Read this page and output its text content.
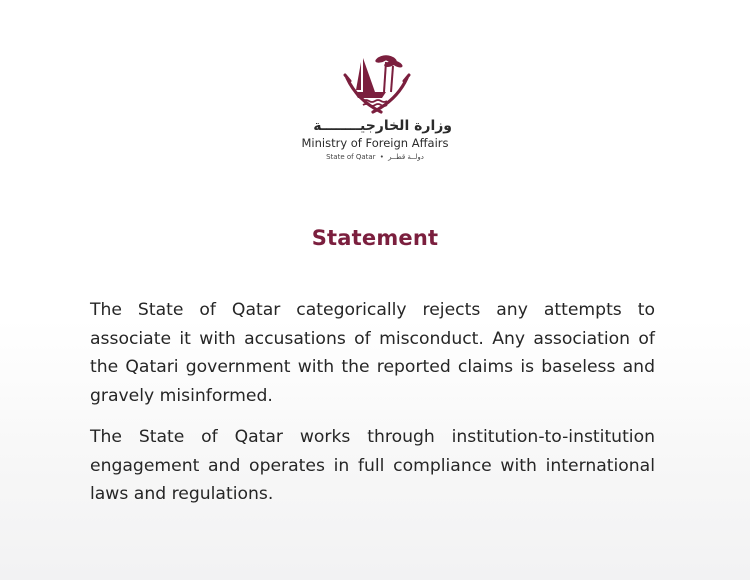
وزارة الخارجيــــــــة
Ministry of Foreign Affairs
State of Qatar • دولــة قطــر
Statement

The State of Qatar categorically rejects any attempts to associate it with accusations of misconduct. Any association of the Qatari government with the reported claims is baseless and gravely misinformed.

The State of Qatar works through institution-to-institution engagement and operates in full compliance with international laws and regulations.
